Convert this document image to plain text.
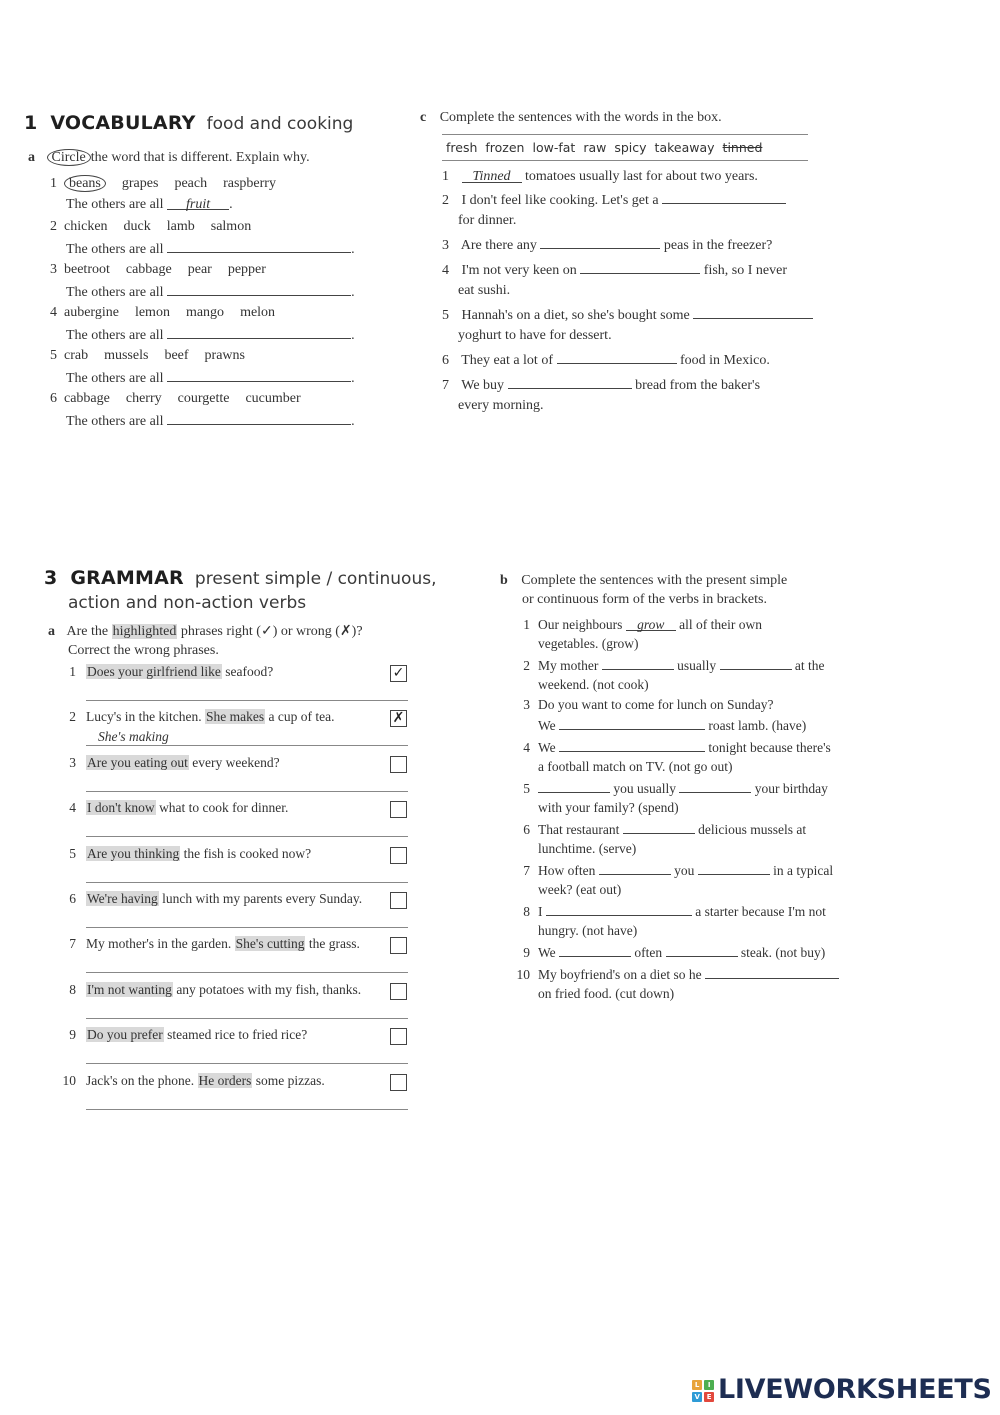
1 VOCABULARY food and cooking
a Circle the word that is different. Explain why.
1 beans grapes peach raspberry
The others are all fruit .
2 chicken duck lamb salmon
The others are all	.
3 beetroot cabbage pear pepper
The others are all	.
4 aubergine lemon mango melon
The others are all	.
5 crab mussels beef prawns
The others are all	.
6 cabbage cherry courgette cucumber
The others are all	.
c Complete the sentences with the words in the box.
fresh frozen low-fat raw spicy takeaway tinned
1 Tinned tomatoes usually last for about two years.
2 I don't feel like cooking. Let's get a
for dinner.
3 Are there any	peas in the freezer?
4 I'm not very keen on	fish, so I never
eat sushi.
5 Hannah's on a diet, so she's bought some
yoghurt to have for dessert.
6 They eat a lot of	food in Mexico.
7 We buy	bread from the baker's
every morning.
3 GRAMMAR present simple / continuous,
action and non-action verbs
a Are the highlighted phrases right (✓) or wrong (✗)?
Correct the wrong phrases.
1 Does your girlfriend like seafood?	✓
2 Lucy's in the kitchen. She makes a cup of tea.	✗
She's making
3 Are you eating out every weekend?
4 I don't know what to cook for dinner.
5 Are you thinking the fish is cooked now?
6 We're having lunch with my parents every Sunday.
7 My mother's in the garden. She's cutting the grass.
8 I'm not wanting any potatoes with my fish, thanks.
9 Do you prefer steamed rice to fried rice?
10 Jack's on the phone. He orders some pizzas.
b Complete the sentences with the present simple
or continuous form of the verbs in brackets.
1 Our neighbours grow all of their own
vegetables. (grow)
2 My mother	usually	at the
weekend. (not cook)
3 Do you want to come for lunch on Sunday?
We	roast lamb. (have)
4 We	tonight because there's
a football match on TV. (not go out)
5	you usually	your birthday
with your family? (spend)
6 That restaurant	delicious mussels at
lunchtime. (serve)
7 How often	you	in a typical
week? (eat out)
8 I	a starter because I'm not
hungry. (not have)
9 We	often	steak. (not buy)
10 My boyfriend's on a diet so he
on fried food. (cut down)
L	I
V	E LIVEWORKSHEETS
